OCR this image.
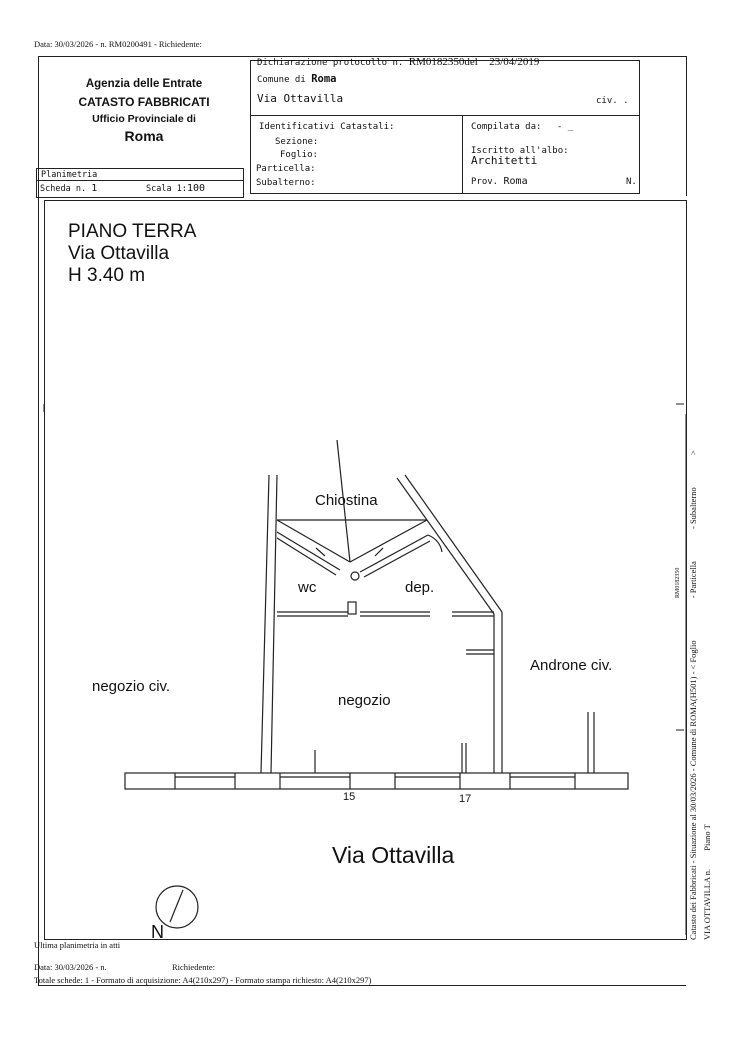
Data: 30/03/2026 - n. RM0200491 - Richiedente:
Agenzia delle Entrate
CATASTO FABBRICATI
Ufficio Provinciale di
Roma
Dichiarazione protocollo n. RM0182350del 23/04/2019
Comune di Roma
Via Ottavilla	civ. .
Identificativi Catastali:
Sezione:
Foglio:
Particella:
Subalterno:
Compilata da: - _
Iscritto all'albo:
Architetti
Prov. Roma	N.
Planimetria
Scheda n. 1	Scala 1:100
PIANO TERRA
Via Ottavilla
H 3.40 m
Chiostina
wc	dep.
negozio
negozio civ.
Androne civ.
15	17
Via Ottavilla
N	Catasto dei Fabbricati - Situazione al 30/03/2026 - Comune di ROMA(H501) - < Foglio - Particella - Subalterno >
VIA OTTAVILLA n. Piano T
RM0182350
Ultima planimetria in atti
Data: 30/03/2026 - n.	Richiedente:
Totale schede: 1 - Formato di acquisizione: A4(210x297) - Formato stampa richiesto: A4(210x297)
